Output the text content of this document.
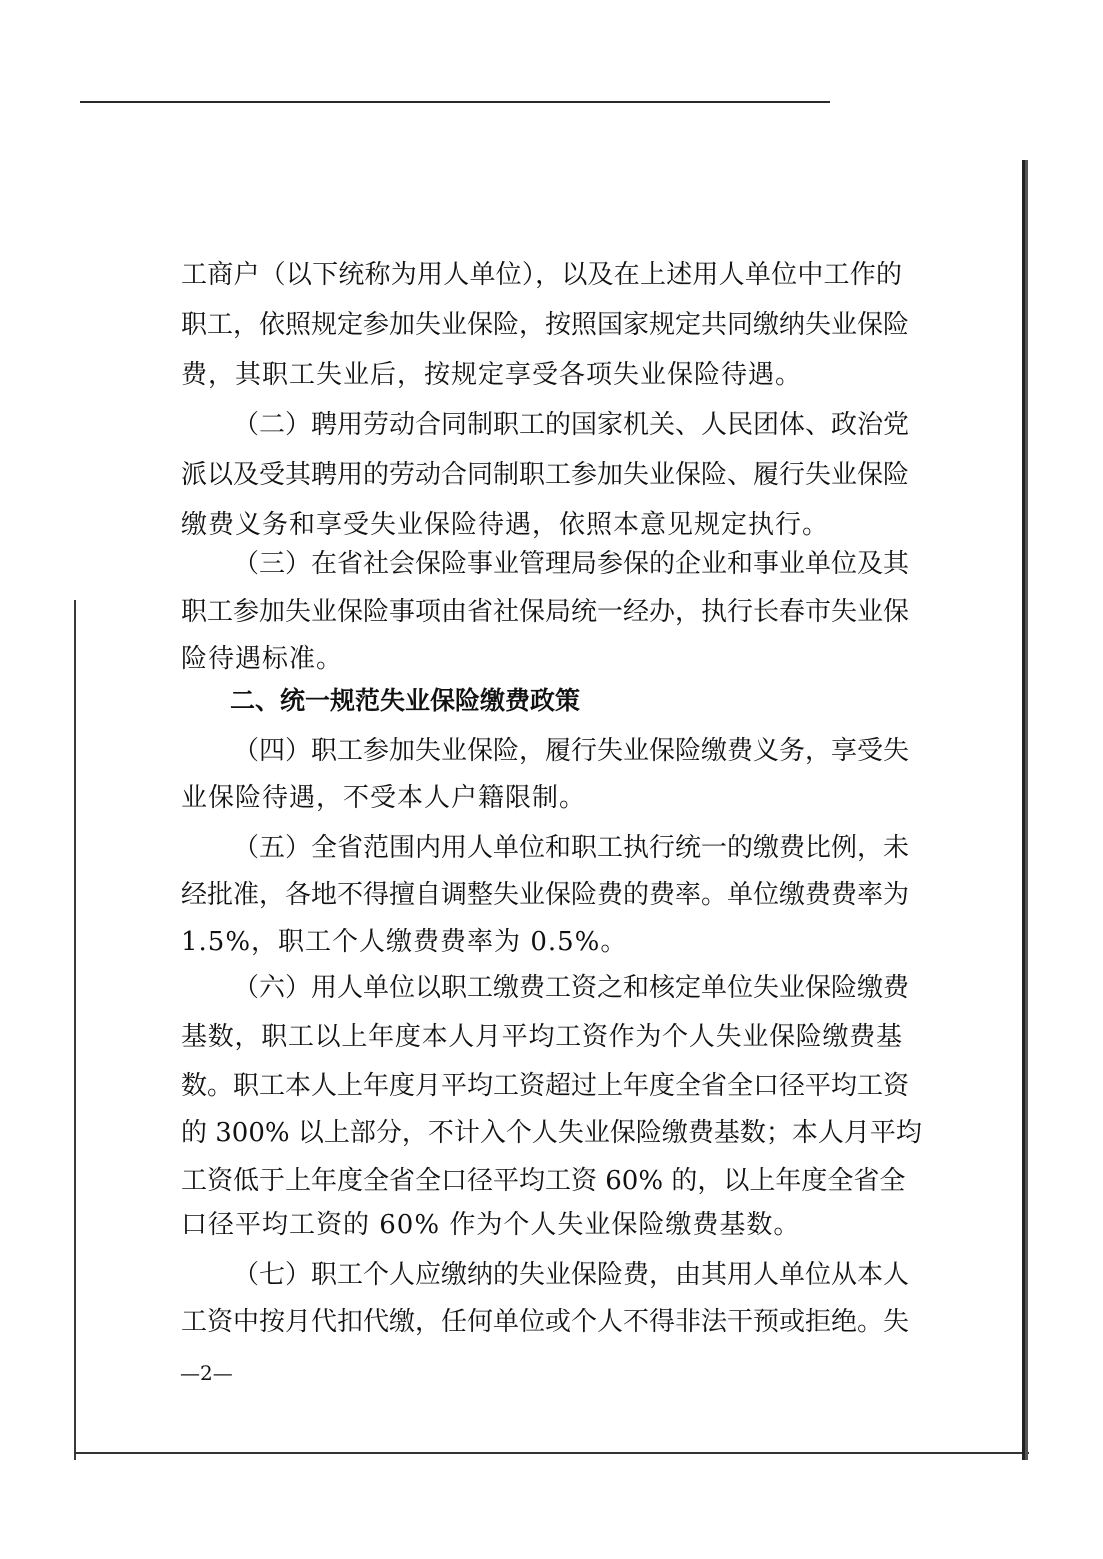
工商户（以下统称为用人单位），以及在上述用人单位中工作的
职工，依照规定参加失业保险，按照国家规定共同缴纳失业保险
费，其职工失业后，按规定享受各项失业保险待遇。
（二）聘用劳动合同制职工的国家机关、人民团体、政治党
派以及受其聘用的劳动合同制职工参加失业保险、履行失业保险
缴费义务和享受失业保险待遇，依照本意见规定执行。
（三）在省社会保险事业管理局参保的企业和事业单位及其
职工参加失业保险事项由省社保局统一经办，执行长春市失业保
险待遇标准。
二、统一规范失业保险缴费政策
（四）职工参加失业保险，履行失业保险缴费义务，享受失
业保险待遇，不受本人户籍限制。
（五）全省范围内用人单位和职工执行统一的缴费比例，未
经批准，各地不得擅自调整失业保险费的费率。单位缴费费率为
1.5%，职工个人缴费费率为 0.5%。
（六）用人单位以职工缴费工资之和核定单位失业保险缴费
基数，职工以上年度本人月平均工资作为个人失业保险缴费基
数。职工本人上年度月平均工资超过上年度全省全口径平均工资
的 300% 以上部分，不计入个人失业保险缴费基数；本人月平均
工资低于上年度全省全口径平均工资 60% 的，以上年度全省全
口径平均工资的 60% 作为个人失业保险缴费基数。
（七）职工个人应缴纳的失业保险费，由其用人单位从本人
工资中按月代扣代缴，任何单位或个人不得非法干预或拒绝。失
—2—
